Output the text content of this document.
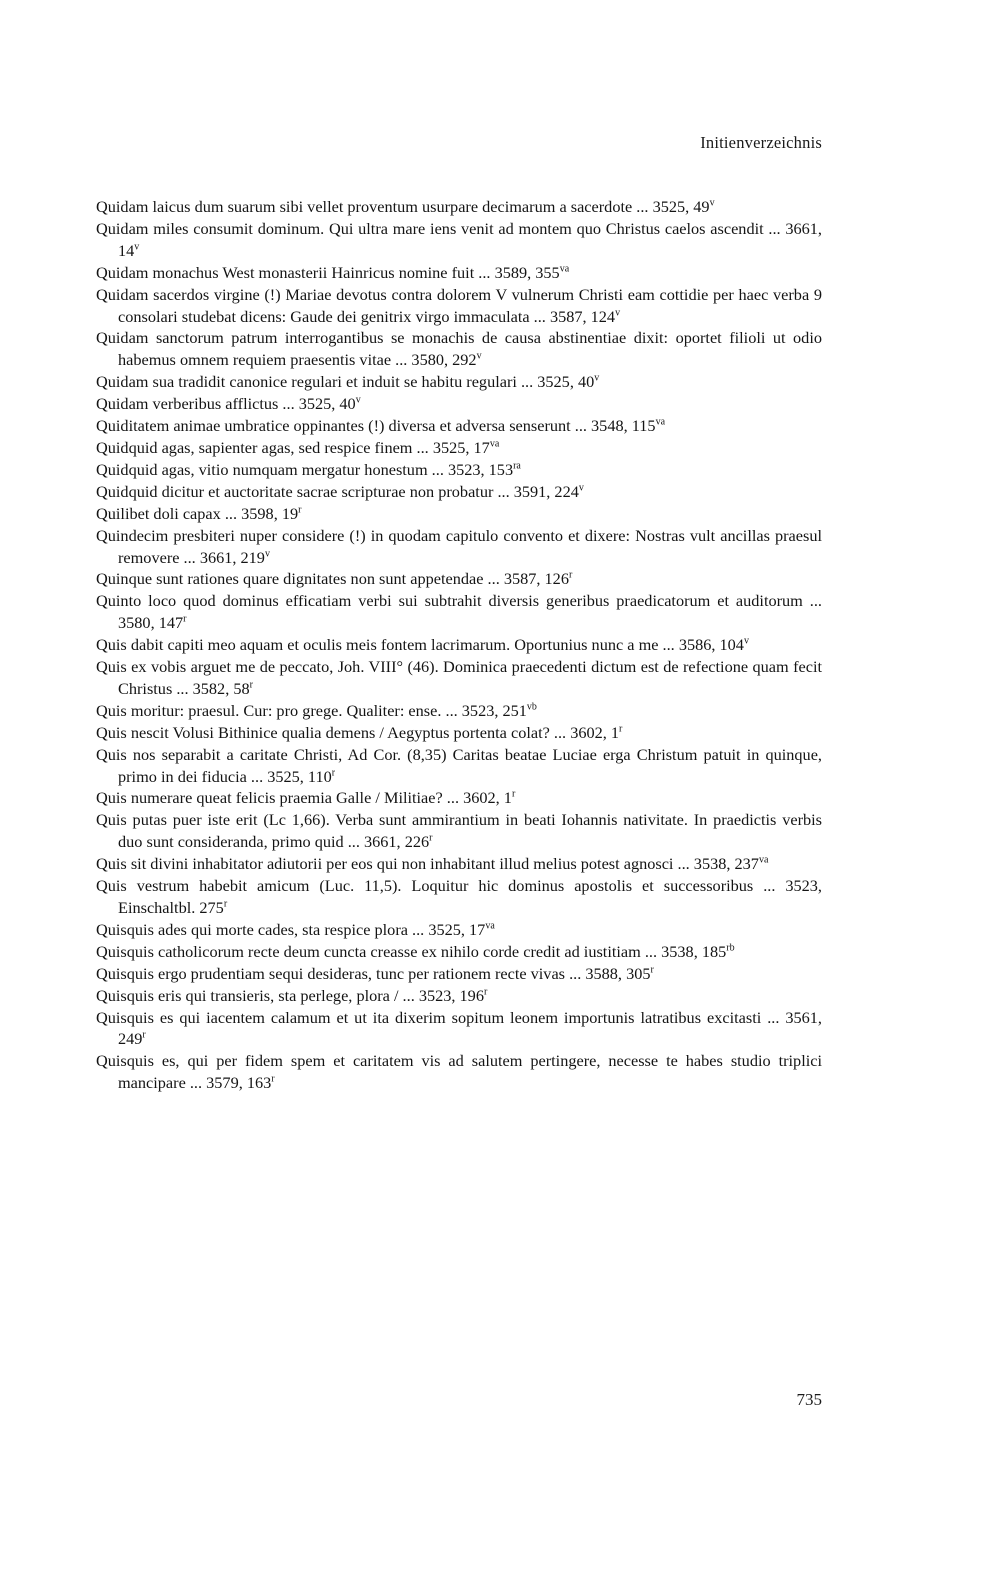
Initienverzeichnis
Quidam laicus dum suarum sibi vellet proventum usurpare decimarum a sacerdote ... 3525, 49$^v$
Quidam miles consumit dominum. Qui ultra mare iens venit ad montem quo Christus caelos ascendit ... 3661, 14$^v$
Quidam monachus West monasterii Hainricus nomine fuit ... 3589, $355^{va}$
Quidam sacerdos virgine (!) Mariae devotus contra dolorem V vulnerum Christi eam cottidie per haec verba 9 consolari studebat dicens: Gaude dei genitrix virgo immaculata ... 3587, 124$^v$
Quidam sanctorum patrum interrogantibus se monachis de causa abstinentiae dixit: oportet filioli ut odio habemus omnem requiem praesentis vitae ... 3580, 292$^v$
Quidam sua tradidit canonice regulari et induit se habitu regulari ... 3525, 40$^v$
Quidam verberibus afflictus ... 3525, 40$^v$
Quiditatem animae umbratice oppinantes (!) diversa et adversa senserunt ... 3548, $115^{va}$
Quidquid agas, sapienter agas, sed respice finem ... 3525, $17^{va}$
Quidquid agas, vitio numquam mergatur honestum ... 3523, $153^{ra}$
Quidquid dicitur et auctoritate sacrae scripturae non probatur ... 3591, 224$^v$
Quilibet doli capax ... 3598, 19$^r$
Quindecim presbiteri nuper considere (!) in quodam capitulo convento et dixere: Nostras vult ancillas praesul removere ... 3661, 219$^v$
Quinque sunt rationes quare dignitates non sunt appetendae ... 3587, 126$^r$
Quinto loco quod dominus efficatiam verbi sui subtrahit diversis generibus praedicatorum et auditorum ... 3580, 147$^r$
Quis dabit capiti meo aquam et oculis meis fontem lacrimarum. Oportunius nunc a me ... 3586, 104$^v$
Quis ex vobis arguet me de peccato, Joh. VIII° (46). Dominica praecedenti dictum est de refectione quam fecit Christus ... 3582, 58$^r$
Quis moritur: praesul. Cur: pro grege. Qualiter: ense. ... 3523, $251^{vb}$
Quis nescit Volusi Bithinice qualia demens / Aegyptus portenta colat? ... 3602, 1$^r$
Quis nos separabit a caritate Christi, Ad Cor. (8,35) Caritas beatae Luciae erga Christum patuit in quinque, primo in dei fiducia ... 3525, 110$^r$
Quis numerare queat felicis praemia Galle / Militiae? ... 3602, 1$^r$
Quis putas puer iste erit (Lc 1,66). Verba sunt ammirantium in beati Iohannis nativitate. In praedictis verbis duo sunt consideranda, primo quid ... 3661, 226$^r$
Quis sit divini inhabitator adiutorii per eos qui non inhabitant illud melius potest agnosci ... 3538, $237^{va}$
Quis vestrum habebit amicum (Luc. 11,5). Loquitur hic dominus apostolis et successoribus ... 3523, Einschaltbl. 275$^r$
Quisquis ades qui morte cades, sta respice plora ... 3525, $17^{va}$
Quisquis catholicorum recte deum cuncta creasse ex nihilo corde credit ad iustitiam ... 3538, $185^{rb}$
Quisquis ergo prudentiam sequi desideras, tunc per rationem recte vivas ... 3588, 305$^r$
Quisquis eris qui transieris, sta perlege, plora / ... 3523, 196$^r$
Quisquis es qui iacentem calamum et ut ita dixerim sopitum leonem importunis latratibus excitasti ... 3561, 249$^r$
Quisquis es, qui per fidem spem et caritatem vis ad salutem pertingere, necesse te habes studio triplici mancipare ... 3579, 163$^r$
735
